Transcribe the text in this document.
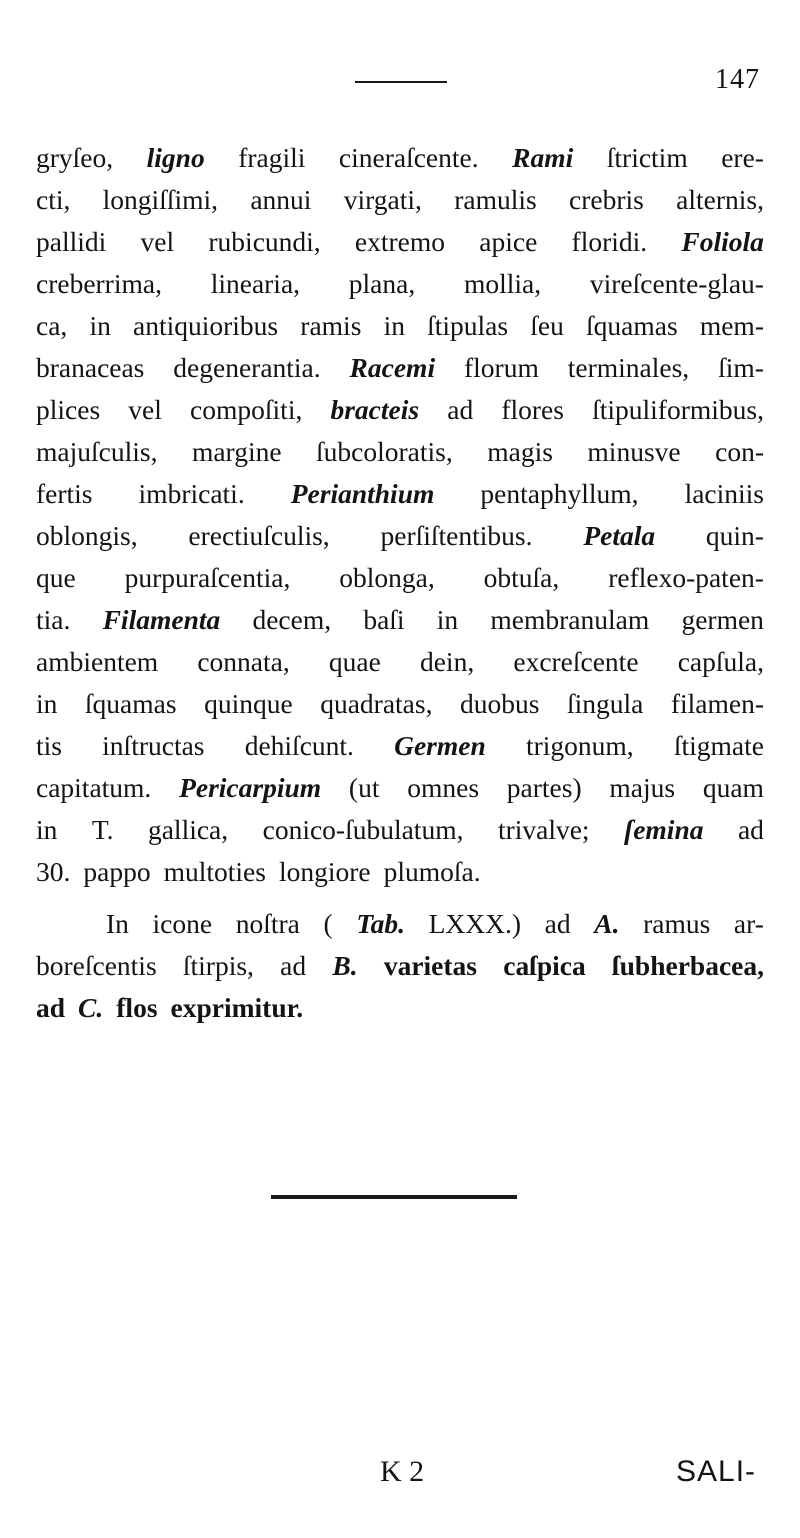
147
gryſeo, ligno fragili cineraſcente. Rami ſtrictim ere-
cti, longiſſimi, annui virgati, ramulis crebris alternis,
pallidi vel rubicundi, extremo apice floridi. Foliola
creberrima, linearia, plana, mollia, vireſcente-glau-
ca, in antiquioribus ramis in ſtipulas ſeu ſquamas mem-
branaceas degenerantia. Racemi florum terminales, ſim-
plices vel compoſiti, bracteis ad flores ſtipuliformibus,
majuſculis, margine ſubcoloratis, magis minusve con-
fertis imbricati. Perianthium pentaphyllum, laciniis
oblongis, erectiuſculis, perſiſtentibus. Petala quin-
que purpuraſcentia, oblonga, obtuſa, reflexo-paten-
tia. Filamenta decem, baſi in membranulam germen
ambientem connata, quae dein, excreſcente capſula,
in ſquamas quinque quadratas, duobus ſingula filamen-
tis inſtructas dehiſcunt. Germen trigonum, ſtigmate
capitatum. Pericarpium (ut omnes partes) majus quam
in T. gallica, conico-ſubulatum, trivalve; ſemina ad
30. pappo multoties longiore plumoſa.
In icone noſtra ( Tab. LXXX.) ad A. ramus ar-
boreſcentis ſtirpis, ad B. varietas caſpica ſubherbacea,
ad C. flos exprimitur.
K 2	SALI-
